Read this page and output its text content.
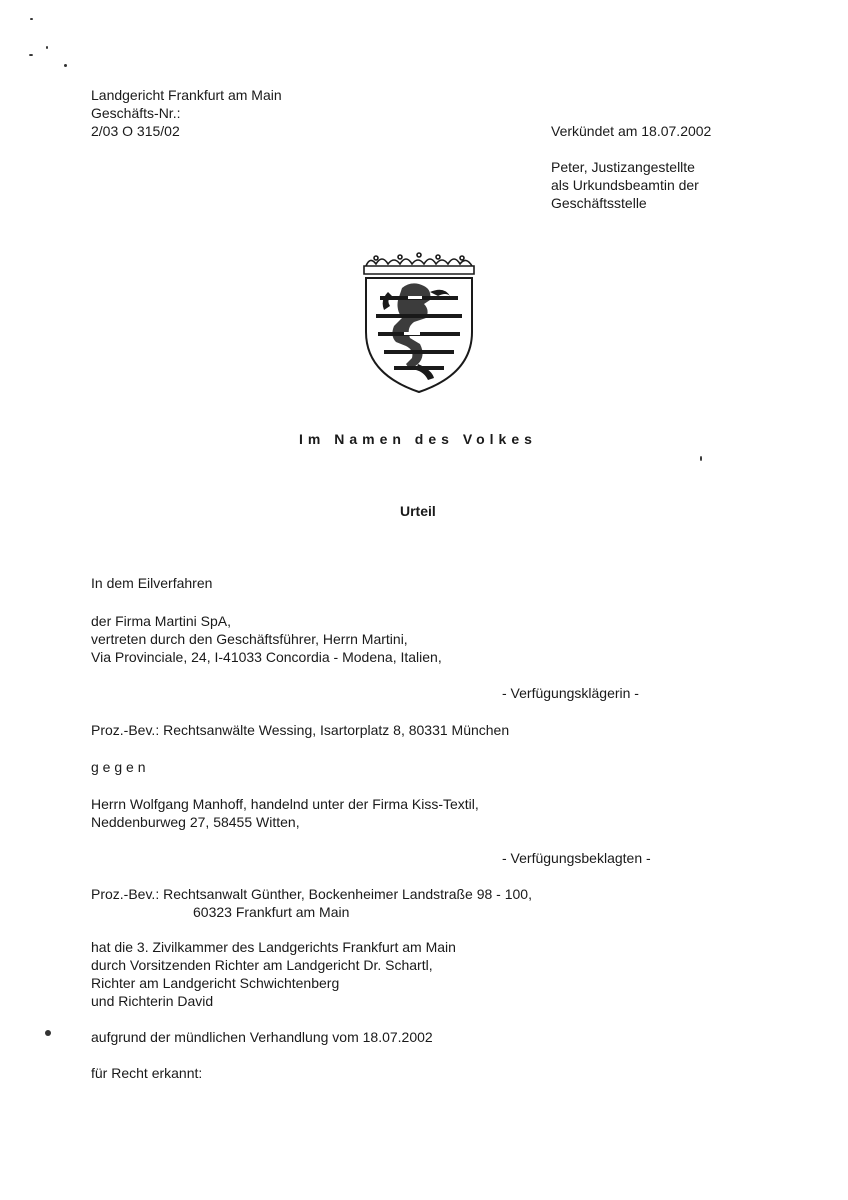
Landgericht Frankfurt am Main
Geschäfts-Nr.:
2/03 O 315/02	Verkündet am 18.07.2002
Peter, Justizangestellte
als Urkundsbeamtin der
Geschäftsstelle
Im Namen des Volkes
Urteil
In dem Eilverfahren
der Firma Martini SpA,
vertreten durch den Geschäftsführer, Herrn Martini,
Via Provinciale, 24, I-41033 Concordia - Modena, Italien,
- Verfügungsklägerin -
Proz.-Bev.: Rechtsanwälte Wessing, Isartorplatz 8, 80331 München
g e g e n
Herrn Wolfgang Manhoff, handelnd unter der Firma Kiss-Textil,
Neddenburweg 27, 58455 Witten,
- Verfügungsbeklagten -
Proz.-Bev.: Rechtsanwalt Günther, Bockenheimer Landstraße 98 - 100,
60323 Frankfurt am Main
hat die 3. Zivilkammer des Landgerichts Frankfurt am Main
durch Vorsitzenden Richter am Landgericht Dr. Schartl,
Richter am Landgericht Schwichtenberg
und Richterin David
aufgrund der mündlichen Verhandlung vom 18.07.2002
für Recht erkannt:
